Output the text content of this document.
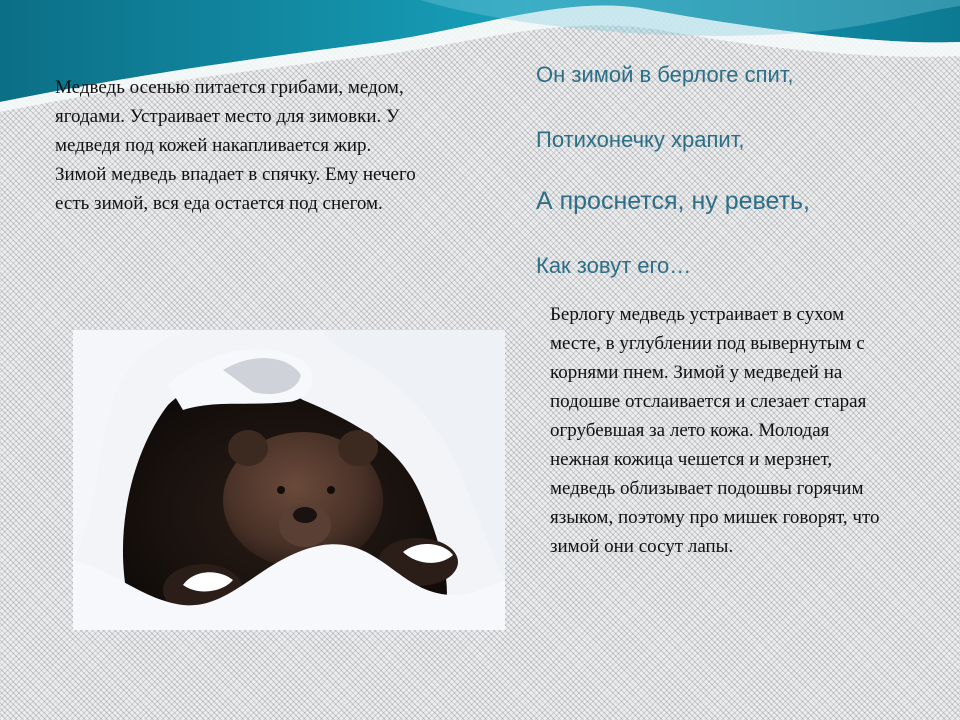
Медведь осенью питается грибами, медом, ягодами. Устраивает место для зимовки. У медведя под кожей накапливается жир. Зимой медведь впадает в спячку. Ему нечего есть зимой, вся еда остается под снегом.
Он зимой в берлоге спит,
Потихонечку храпит,
А проснется, ну реветь,
Как зовут его…
Берлогу медведь устраивает в сухом месте, в углублении под вывернутым с корнями пнем. Зимой у медведей на подошве отслаивается и слезает старая огрубевшая за лето кожа. Молодая нежная кожица чешется и мерзнет, медведь облизывает подошвы горячим языком, поэтому про мишек говорят, что зимой они сосут лапы.
